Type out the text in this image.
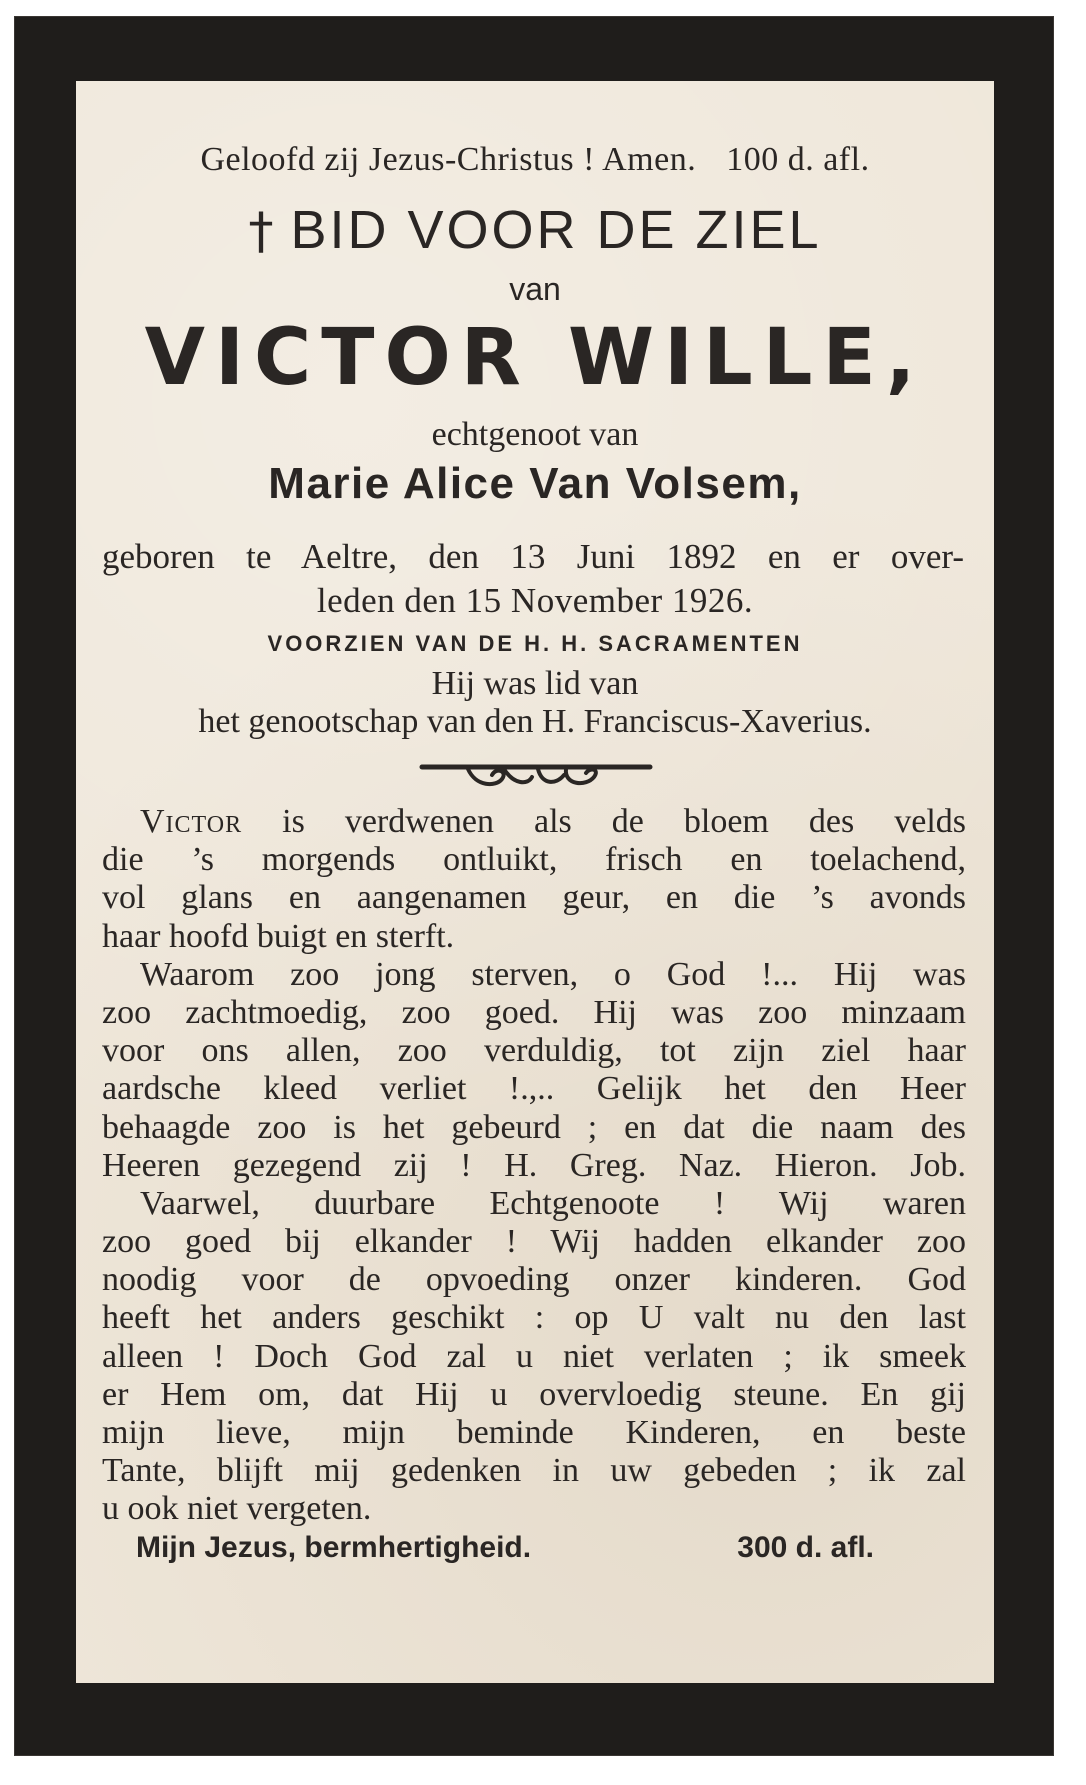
Geloofd zij Jezus-Christus ! Amen. 100 d. afl.
† BID VOOR DE ZIEL
van
VICTOR WILLE,
echtgenoot van
Marie Alice Van Volsem,
geboren te Aeltre, den 13 Juni 1892 en er over-
leden den 15 November 1926.
VOORZIEN VAN DE H. H. SACRAMENTEN
Hij was lid van
het genootschap van den H. Franciscus-Xaverius.
Victor is verdwenen als de bloem des velds
die ’s morgends ontluikt, frisch en toelachend,
vol glans en aangenamen geur, en die ’s avonds
haar hoofd buigt en sterft.
Waarom zoo jong sterven, o God !... Hij was
zoo zachtmoedig, zoo goed. Hij was zoo minzaam
voor ons allen, zoo verduldig, tot zijn ziel haar
aardsche kleed verliet !.,.. Gelijk het den Heer
behaagde zoo is het gebeurd ; en dat die naam des
Heeren gezegend zij ! H. Greg. Naz. Hieron. Job.
Vaarwel, duurbare Echtgenoote ! Wij waren
zoo goed bij elkander ! Wij hadden elkander zoo
noodig voor de opvoeding onzer kinderen. God
heeft het anders geschikt : op U valt nu den last
alleen ! Doch God zal u niet verlaten ; ik smeek
er Hem om, dat Hij u overvloedig steune. En gij
mijn lieve, mijn beminde Kinderen, en beste
Tante, blijft mij gedenken in uw gebeden ; ik zal
u ook niet vergeten.
Mijn Jezus, bermhertigheid.	300 d. afl.
